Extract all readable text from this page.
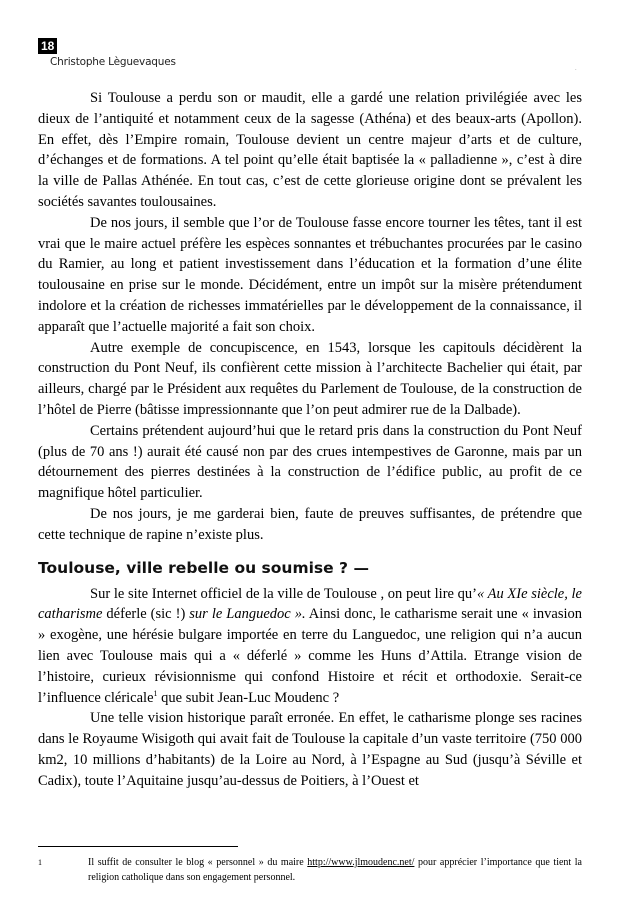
18
Christophe Lèguevaques
.

Si Toulouse a perdu son or maudit, elle a gardé une relation privilégiée avec les dieux de l’antiquité et notamment ceux de la sagesse (Athéna) et des beaux-arts (Apollon). En effet, dès l’Empire romain, Toulouse devient un centre majeur d’arts et de culture, d’échanges et de formations. A tel point qu’elle était baptisée la « palladienne », c’est à dire la ville de Pallas Athénée. En tout cas, c’est de cette glorieuse origine dont se prévalent les sociétés savantes toulousaines.

De nos jours, il semble que l’or de Toulouse fasse encore tourner les têtes, tant il est vrai que le maire actuel préfère les espèces sonnantes et trébuchantes procurées par le casino du Ramier, au long et patient investissement dans l’éducation et la formation d’une élite toulousaine en prise sur le monde. Décidément, entre un impôt sur la misère prétendument indolore et la création de richesses immatérielles par le développement de la connaissance, il apparaît que l’actuelle majorité a fait son choix.

Autre exemple de concupiscence, en 1543, lorsque les capitouls décidèrent la construction du Pont Neuf, ils confièrent cette mission à l’architecte Bachelier qui était, par ailleurs, chargé par le Président aux requêtes du Parlement de Toulouse, de la construction de l’hôtel de Pierre (bâtisse impressionnante que l’on peut admirer rue de la Dalbade).

Certains prétendent aujourd’hui que le retard pris dans la construction du Pont Neuf (plus de 70 ans !) aurait été causé non par des crues intempestives de Garonne, mais par un détournement des pierres destinées à la construction de l’édifice public, au profit de ce magnifique hôtel particulier.

De nos jours, je me garderai bien, faute de preuves suffisantes, de prétendre que cette technique de rapine n’existe plus.

Toulouse, ville rebelle ou soumise ? —

Sur le site Internet officiel de la ville de Toulouse , on peut lire qu’« Au XIe siècle, le catharisme déferle (sic !) sur le Languedoc ». Ainsi donc, le catharisme serait une « invasion » exogène, une hérésie bulgare importée en terre du Languedoc, une religion qui n’a aucun lien avec Toulouse mais qui a « déferlé » comme les Huns d’Attila. Etrange vision de l’histoire, curieux révisionnisme qui confond Histoire et récit et orthodoxie. Serait-ce l’influence cléricale$^1$ que subit Jean-Luc Moudenc ?

Une telle vision historique paraît erronée. En effet, le catharisme plonge ses racines dans le Royaume Wisigoth qui avait fait de Toulouse la capitale d’un vaste territoire (750 000 km2, 10 millions d’habitants) de la Loire au Nord, à l’Espagne au Sud (jusqu’à Séville et Cadix), toute l’Aquitaine jusqu’au-dessus de Poitiers, à l’Ouest et

1	Il suffit de consulter le blog « personnel » du maire http://www.jlmoudenc.net/ pour apprécier l’importance que tient la religion catholique dans son engagement personnel.
